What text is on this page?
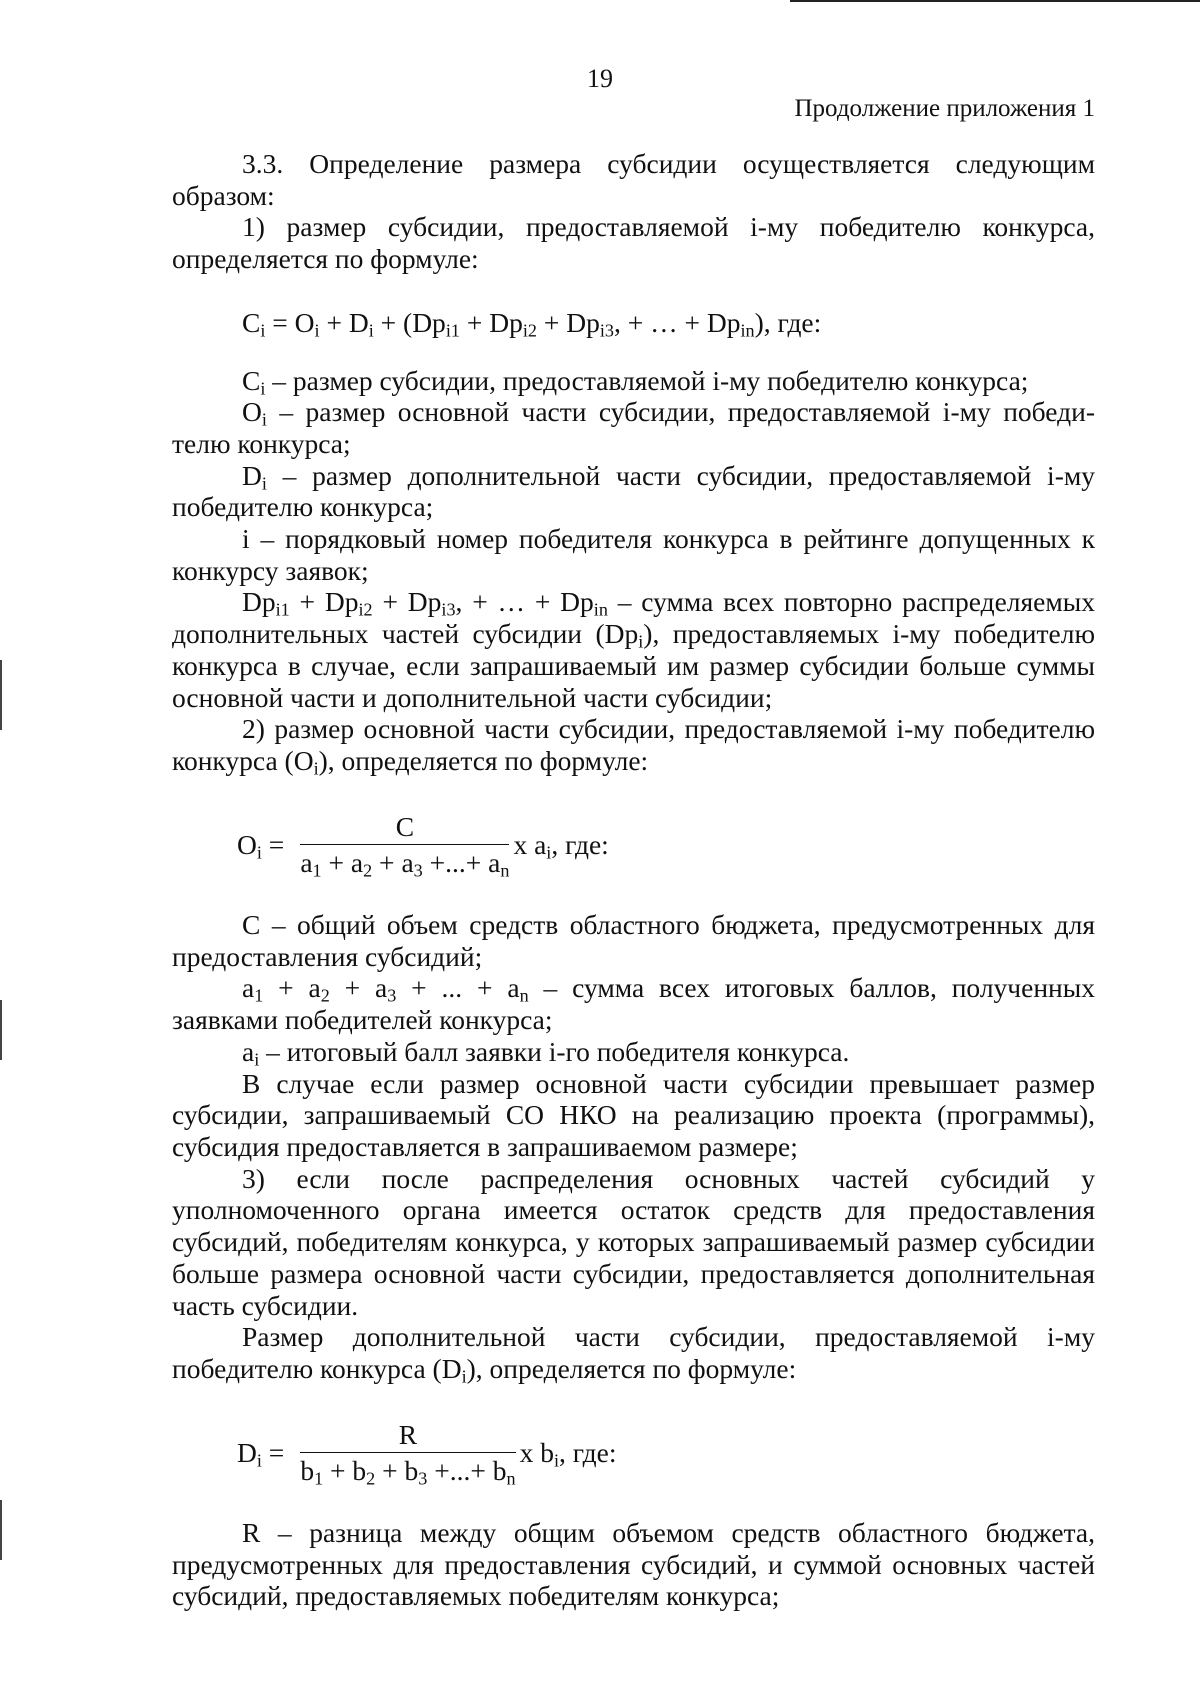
19
Продолжение приложения 1

3.3. Определение размера субсидии осуществляется следующим образом:

1) размер субсидии, предоставляемой i-му победителю конкурса, определяется по формуле:

$C_i = O_i + D_i + (Dp_{i1} + Dp_{i2} + Dp_{i3}$, + … + $Dp_{in}$), где:

$C_i$ – размер субсидии, предоставляемой i-му победителю конкурса;

$O_i$ – размер основной части субсидии, предоставляемой i-му победи-телю конкурса;

$D_i$ – размер дополнительной части субсидии, предоставляемой i-му победителю конкурса;

i – порядковый номер победителя конкурса в рейтинге допущенных к конкурсу заявок;

$Dp_{i1} + Dp_{i2} + Dp_{i3}$, + … + $Dp_{in}$ – сумма всех повторно распределяемых дополнительных частей субсидии $(Dp_i)$, предоставляемых i-му победителю конкурса в случае, если запрашиваемый им размер субсидии больше суммы основной части и дополнительной части субсидии;

2) размер основной части субсидии, предоставляемой i-му победителю конкурса $(O_i)$, определяется по формуле:

$O_i = \frac{C}{a_1 + a_2 + a_3 +...+ a_n}$ x $a_i$, где:

C – общий объем средств областного бюджета, предусмотренных для предоставления субсидий;

$a_1 + a_2 + a_3$ + ... + $a_n$ – сумма всех итоговых баллов, полученных заявками победителей конкурса;

$a_i$ – итоговый балл заявки i-го победителя конкурса.

В случае если размер основной части субсидии превышает размер субсидии, запрашиваемый СО НКО на реализацию проекта (программы), субсидия предоставляется в запрашиваемом размере;

3) если после распределения основных частей субсидий у уполномоченного органа имеется остаток средств для предоставления субсидий, победителям конкурса, у которых запрашиваемый размер субсидии больше размера основной части субсидии, предоставляется дополнительная часть субсидии.

Размер дополнительной части субсидии, предоставляемой i-му победителю конкурса $(D_i)$, определяется по формуле:

$D_i = \frac{R}{b_1 + b_2 + b_3 +...+ b_n}$ x $b_i$, где:

R – разница между общим объемом средств областного бюджета, предусмотренных для предоставления субсидий, и суммой основных частей субсидий, предоставляемых победителям конкурса;
